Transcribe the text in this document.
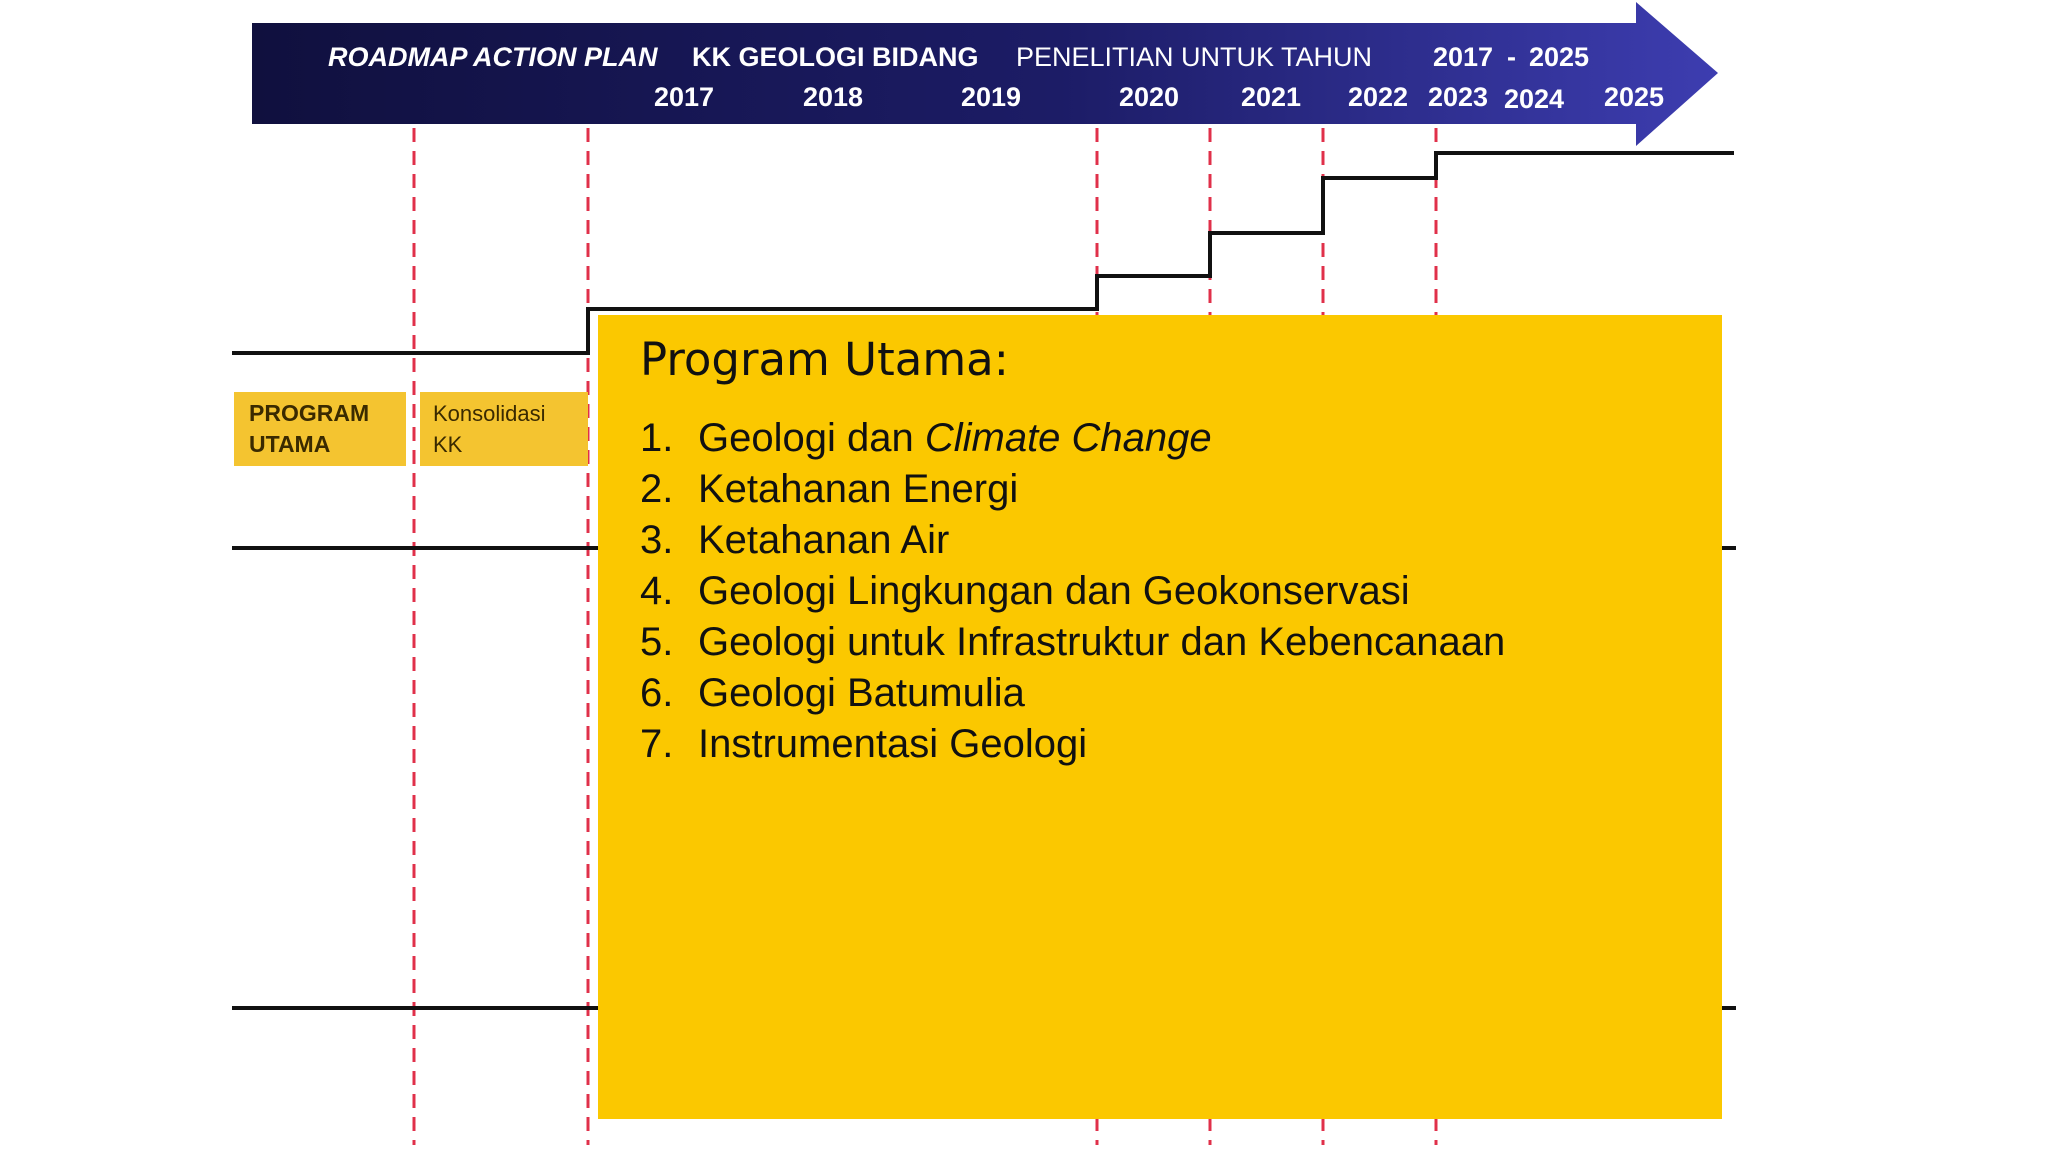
ROADMAP ACTION PLAN KK GEOLOGI BIDANG PENELITIAN UNTUK TAHUN 2017 - 2025
2017	2018	2019	2020 2021 2022 2023 2024 2025
PROGRAM
UTAMA
Konsolidasi
KK
Program Utama:
1. Geologi dan Climate Change
2. Ketahanan Energi
3. Ketahanan Air
4. Geologi Lingkungan dan Geokonservasi
5. Geologi untuk Infrastruktur dan Kebencanaan
6. Geologi Batumulia
7. Instrumentasi Geologi
